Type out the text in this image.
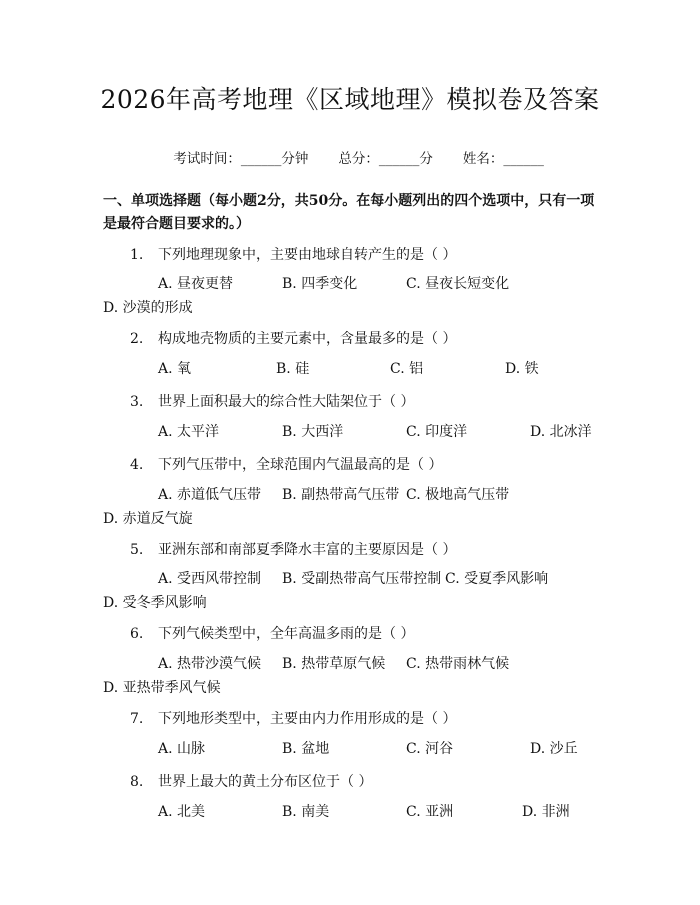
2026年高考地理《区域地理》模拟卷及答案

考试时间：______分钟 总分：______分 姓名：______

一、单项选择题（每小题2分，共50分。在每小题列出的四个选项中，只有一项是最符合题目要求的。）
1. 下列地理现象中，主要由地球自转产生的是（ ）
A. 昼夜更替	B. 四季变化	C. 昼夜长短变化D. 沙漠的形成
2. 构成地壳物质的主要元素中，含量最多的是（ ）
A. 氧	B. 硅	C. 铝	D. 铁
3. 世界上面积最大的综合性大陆架位于（ ）
A. 太平洋	B. 大西洋	C. 印度洋	D. 北冰洋
4. 下列气压带中，全球范围内气温最高的是（ ）
A. 赤道低气压带 B. 副热带高气压带 C. 极地高气压带D. 赤道反气旋
5. 亚洲东部和南部夏季降水丰富的主要原因是（ ）
A. 受西风带控制 B. 受副热带高气压带控制 C. 受夏季风影响D. 受冬季风影响
6. 下列气候类型中，全年高温多雨的是（ ）
A. 热带沙漠气候 B. 热带草原气候 C. 热带雨林气候D. 亚热带季风气候
7. 下列地形类型中，主要由内力作用形成的是（ ）
A. 山脉	B. 盆地	C. 河谷	D. 沙丘
8. 世界上最大的黄土分布区位于（ ）
A. 北美	B. 南美	C. 亚洲	D. 非洲
